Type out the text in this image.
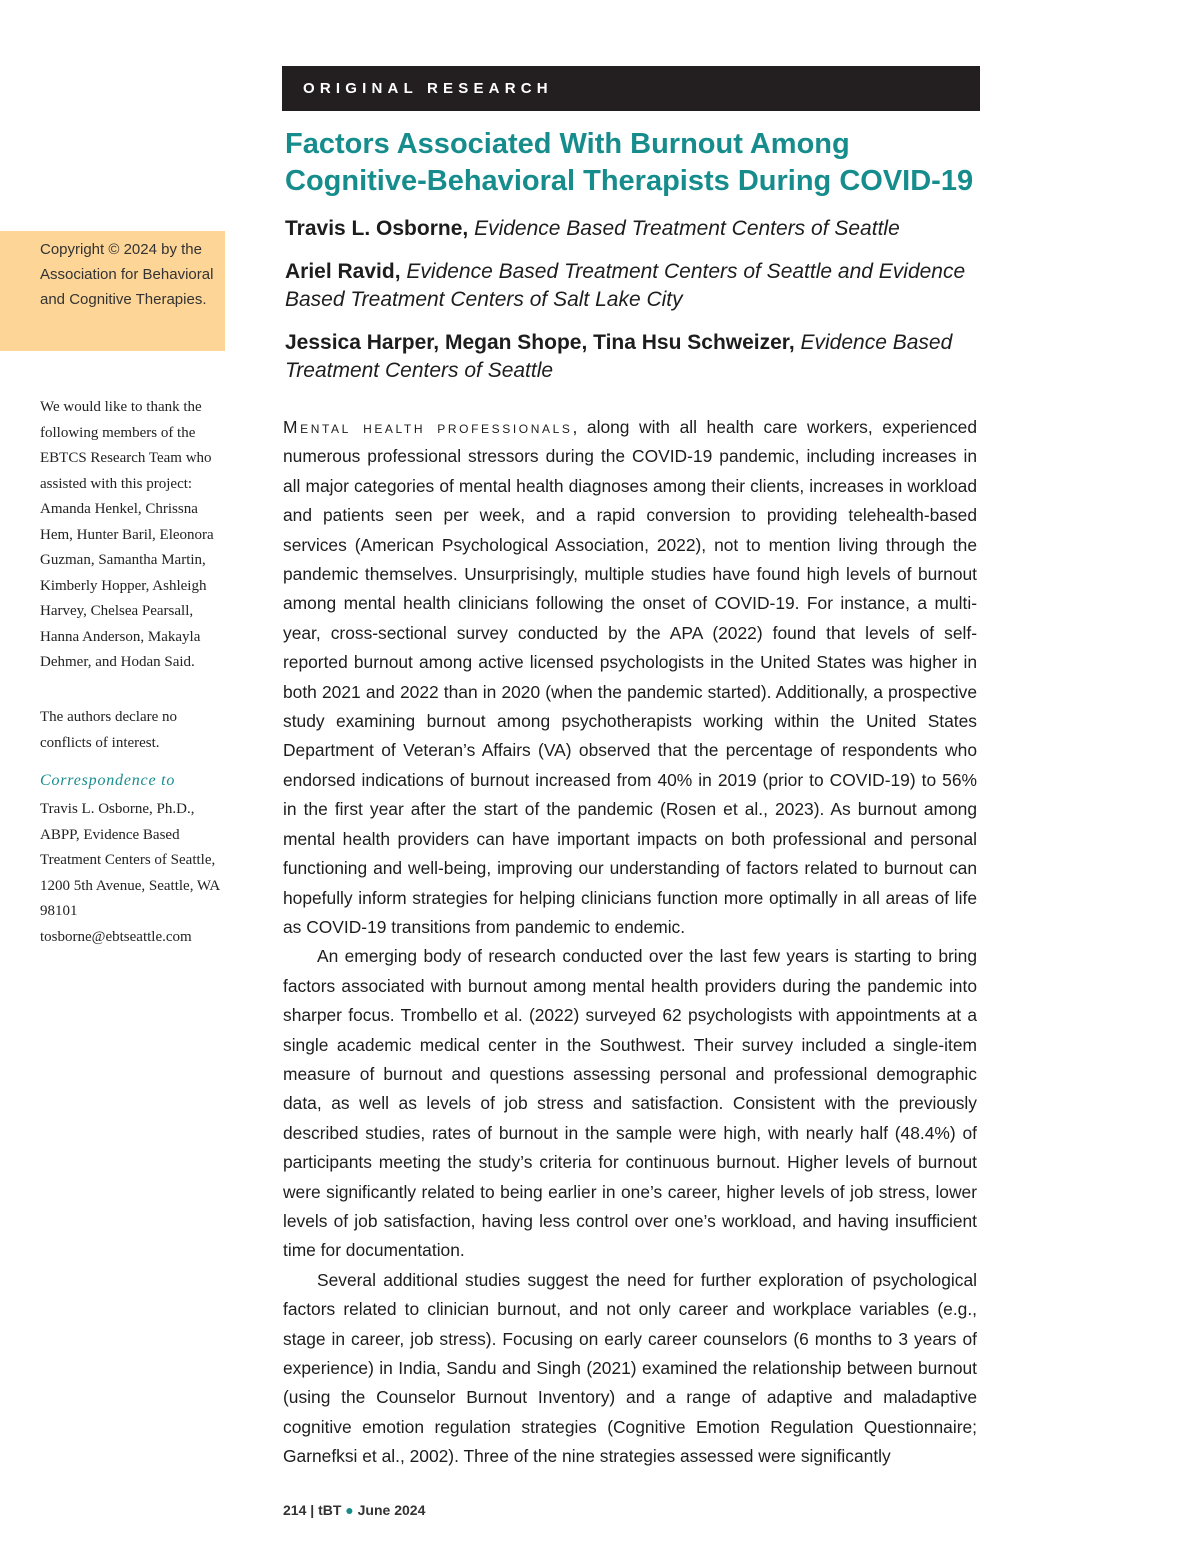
ORIGINAL RESEARCH
Factors Associated With Burnout Among Cognitive-Behavioral Therapists During COVID-19
Travis L. Osborne, Evidence Based Treatment Centers of Seattle
Ariel Ravid, Evidence Based Treatment Centers of Seattle and Evidence Based Treatment Centers of Salt Lake City
Jessica Harper, Megan Shope, Tina Hsu Schweizer, Evidence Based Treatment Centers of Seattle
Copyright © 2024 by the Association for Behavioral and Cognitive Therapies.
We would like to thank the following members of the EBTCS Research Team who assisted with this project: Amanda Henkel, Chrissna Hem, Hunter Baril, Eleonora Guzman, Samantha Martin, Kimberly Hopper, Ashleigh Harvey, Chelsea Pearsall, Hanna Anderson, Makayla Dehmer, and Hodan Said.
The authors declare no conflicts of interest.
Correspondence to
Travis L. Osborne, Ph.D., ABPP, Evidence Based Treatment Centers of Seattle, 1200 5th Avenue, Seattle, WA 98101
tosborne@ebtseattle.com

Mental health professionals, along with all health care workers, experienced numerous professional stressors during the COVID-19 pandemic, including increases in all major categories of mental health diagnoses among their clients, increases in workload and patients seen per week, and a rapid conversion to providing telehealth-based services (American Psychological Association, 2022), not to mention living through the pandemic themselves. Unsurprisingly, multiple studies have found high levels of burnout among mental health clinicians following the onset of COVID-19. For instance, a multi-year, cross-sectional survey conducted by the APA (2022) found that levels of self-reported burnout among active licensed psychologists in the United States was higher in both 2021 and 2022 than in 2020 (when the pandemic started). Additionally, a prospective study examining burnout among psychotherapists working within the United States Department of Veteran’s Affairs (VA) observed that the percentage of respondents who endorsed indications of burnout increased from 40% in 2019 (prior to COVID-19) to 56% in the first year after the start of the pandemic (Rosen et al., 2023). As burnout among mental health providers can have important impacts on both professional and personal functioning and well-being, improving our understanding of factors related to burnout can hopefully inform strategies for helping clinicians function more optimally in all areas of life as COVID-19 transitions from pandemic to endemic.

An emerging body of research conducted over the last few years is starting to bring factors associated with burnout among mental health providers during the pandemic into sharper focus. Trombello et al. (2022) surveyed 62 psychologists with appointments at a single academic medical center in the Southwest. Their survey included a single-item measure of burnout and questions assessing personal and professional demographic data, as well as levels of job stress and satisfaction. Consistent with the previously described studies, rates of burnout in the sample were high, with nearly half (48.4%) of participants meeting the study’s criteria for continuous burnout. Higher levels of burnout were significantly related to being earlier in one’s career, higher levels of job stress, lower levels of job satisfaction, having less control over one’s workload, and having insufficient time for documentation.

Several additional studies suggest the need for further exploration of psychological factors related to clinician burnout, and not only career and workplace variables (e.g., stage in career, job stress). Focusing on early career counselors (6 months to 3 years of experience) in India, Sandu and Singh (2021) examined the relationship between burnout (using the Counselor Burnout Inventory) and a range of adaptive and maladaptive cognitive emotion regulation strategies (Cognitive Emotion Regulation Questionnaire; Garnefksi et al., 2002). Three of the nine strategies assessed were significantly

214 | tBT ● June 2024
